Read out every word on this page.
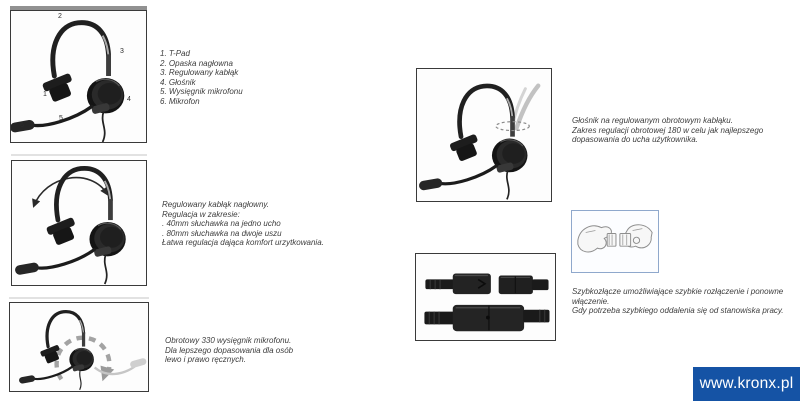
1
2
3
4
5
6
1. T-Pad
2. Opaska nagłowna
3. Regulowany kabłąk
4. Głośnik
5. Wysięgnik mikrofonu
6. Mikrofon
Regulowany kabłąk nagłowny.
Regulacja w zakresie:
. 40mm słuchawka na jedno ucho
. 80mm słuchawka na dwoje uszu
Łatwa regulacja dająca komfort urzytkowania.
Obrotowy 330 wysięgnik mikrofonu.
Dla lepszego dopasowania dla osób
lewo i prawo ręcznych.
Głośnik na regulowanym obrotowym kabłąku.
Zakres regulacji obrotowej 180 w celu jak najlepszego
dopasowania do ucha użytkownika.
Szybkozłącze umożliwiające szybkie rozłączenie i ponowne
włączenie.
Gdy potrzeba szybkiego oddalenia się od stanowiska pracy.
www.kronx.pl
